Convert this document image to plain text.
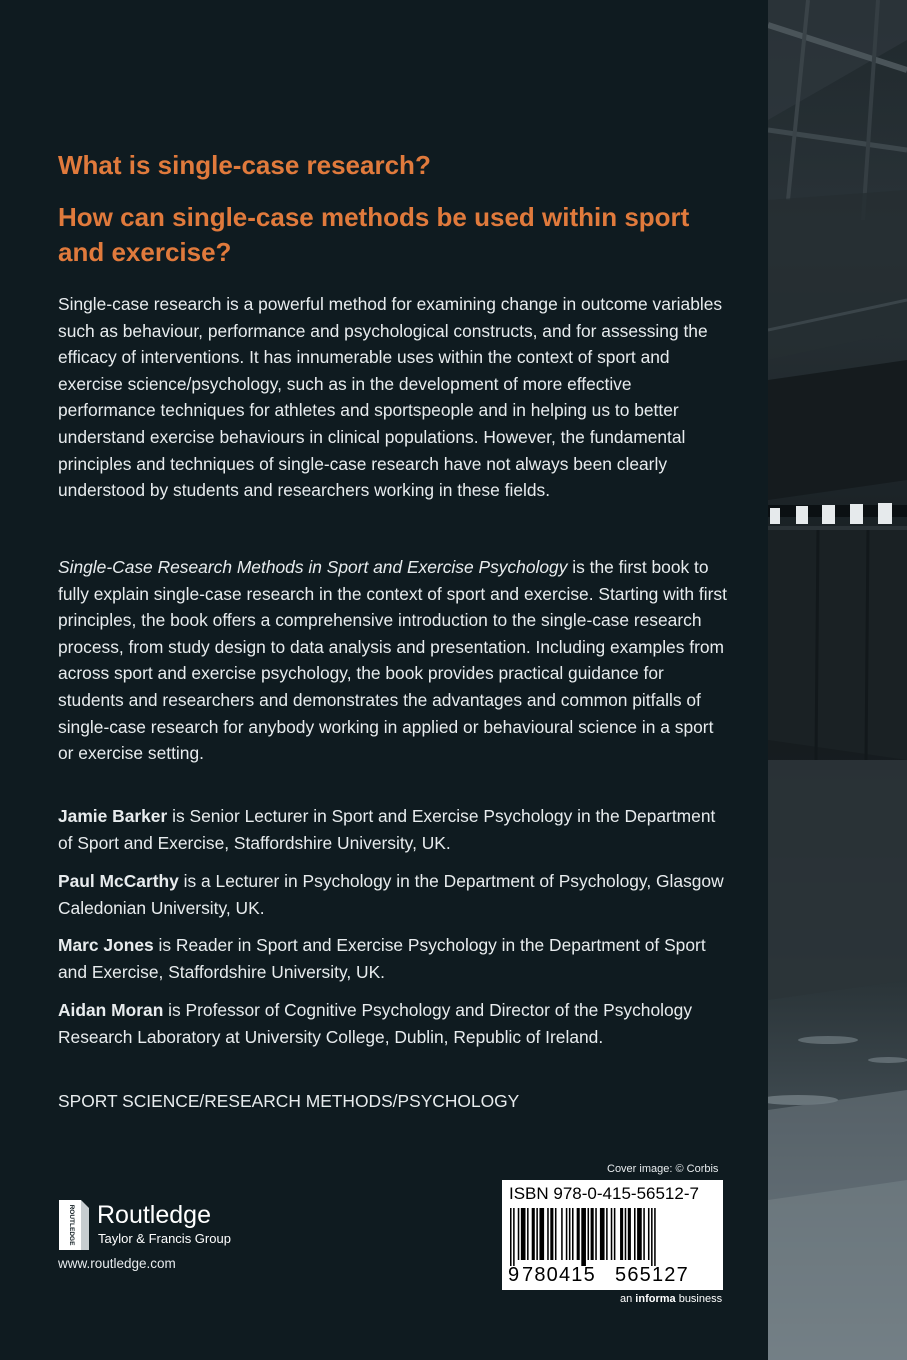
What is single-case research?
How can single-case methods be used within sport and exercise?

Single-case research is a powerful method for examining change in outcome variables such as behaviour, performance and psychological constructs, and for assessing the efficacy of interventions. It has innumerable uses within the context of sport and exercise science/psychology, such as in the development of more effective performance techniques for athletes and sportspeople and in helping us to better understand exercise behaviours in clinical populations. However, the fundamental principles and techniques of single-case research have not always been clearly understood by students and researchers working in these fields.

Single-Case Research Methods in Sport and Exercise Psychology is the first book to fully explain single-case research in the context of sport and exercise. Starting with first principles, the book offers a comprehensive introduction to the single-case research process, from study design to data analysis and presentation. Including examples from across sport and exercise psychology, the book provides practical guidance for students and researchers and demonstrates the advantages and common pitfalls of single-case research for anybody working in applied or behavioural science in a sport or exercise setting.

Jamie Barker is Senior Lecturer in Sport and Exercise Psychology in the Department of Sport and Exercise, Staffordshire University, UK.

Paul McCarthy is a Lecturer in Psychology in the Department of Psychology, Glasgow Caledonian University, UK.

Marc Jones is Reader in Sport and Exercise Psychology in the Department of Sport and Exercise, Staffordshire University, UK.

Aidan Moran is Professor of Cognitive Psychology and Director of the Psychology Research Laboratory at University College, Dublin, Republic of Ireland.

SPORT SCIENCE/RESEARCH METHODS/PSYCHOLOGY

ROUTLEDGE Routledge
Taylor & Francis Group

www.routledge.com

Cover image: © Corbis

ISBN 978-0-415-56512-7

9 780415 565127

an informa business
